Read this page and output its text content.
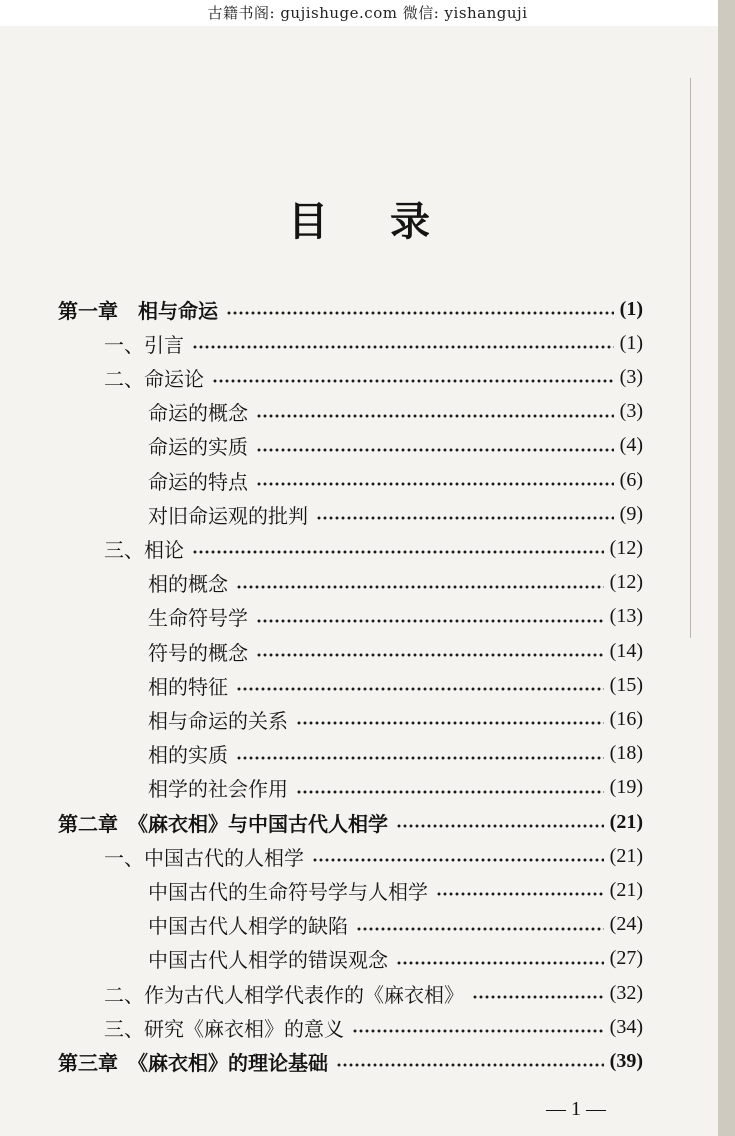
古籍书阁: gujishuge.com 微信: yishanguji
目录
第一章　相与命运	(1)
一、引言	(1)
二、命运论	(3)
命运的概念	(3)
命运的实质	(4)
命运的特点	(6)
对旧命运观的批判	(9)
三、相论	(12)
相的概念	(12)
生命符号学	(13)
符号的概念	(14)
相的特征	(15)
相与命运的关系	(16)
相的实质	(18)
相学的社会作用	(19)
第二章　《麻衣相》与中国古代人相学	(21)
一、中国古代的人相学	(21)
中国古代的生命符号学与人相学	(21)
中国古代人相学的缺陷	(24)
中国古代人相学的错误观念	(27)
二、作为古代人相学代表作的《麻衣相》	(32)
三、研究《麻衣相》的意义	(34)
第三章　《麻衣相》的理论基础	(39)
— 1 —
